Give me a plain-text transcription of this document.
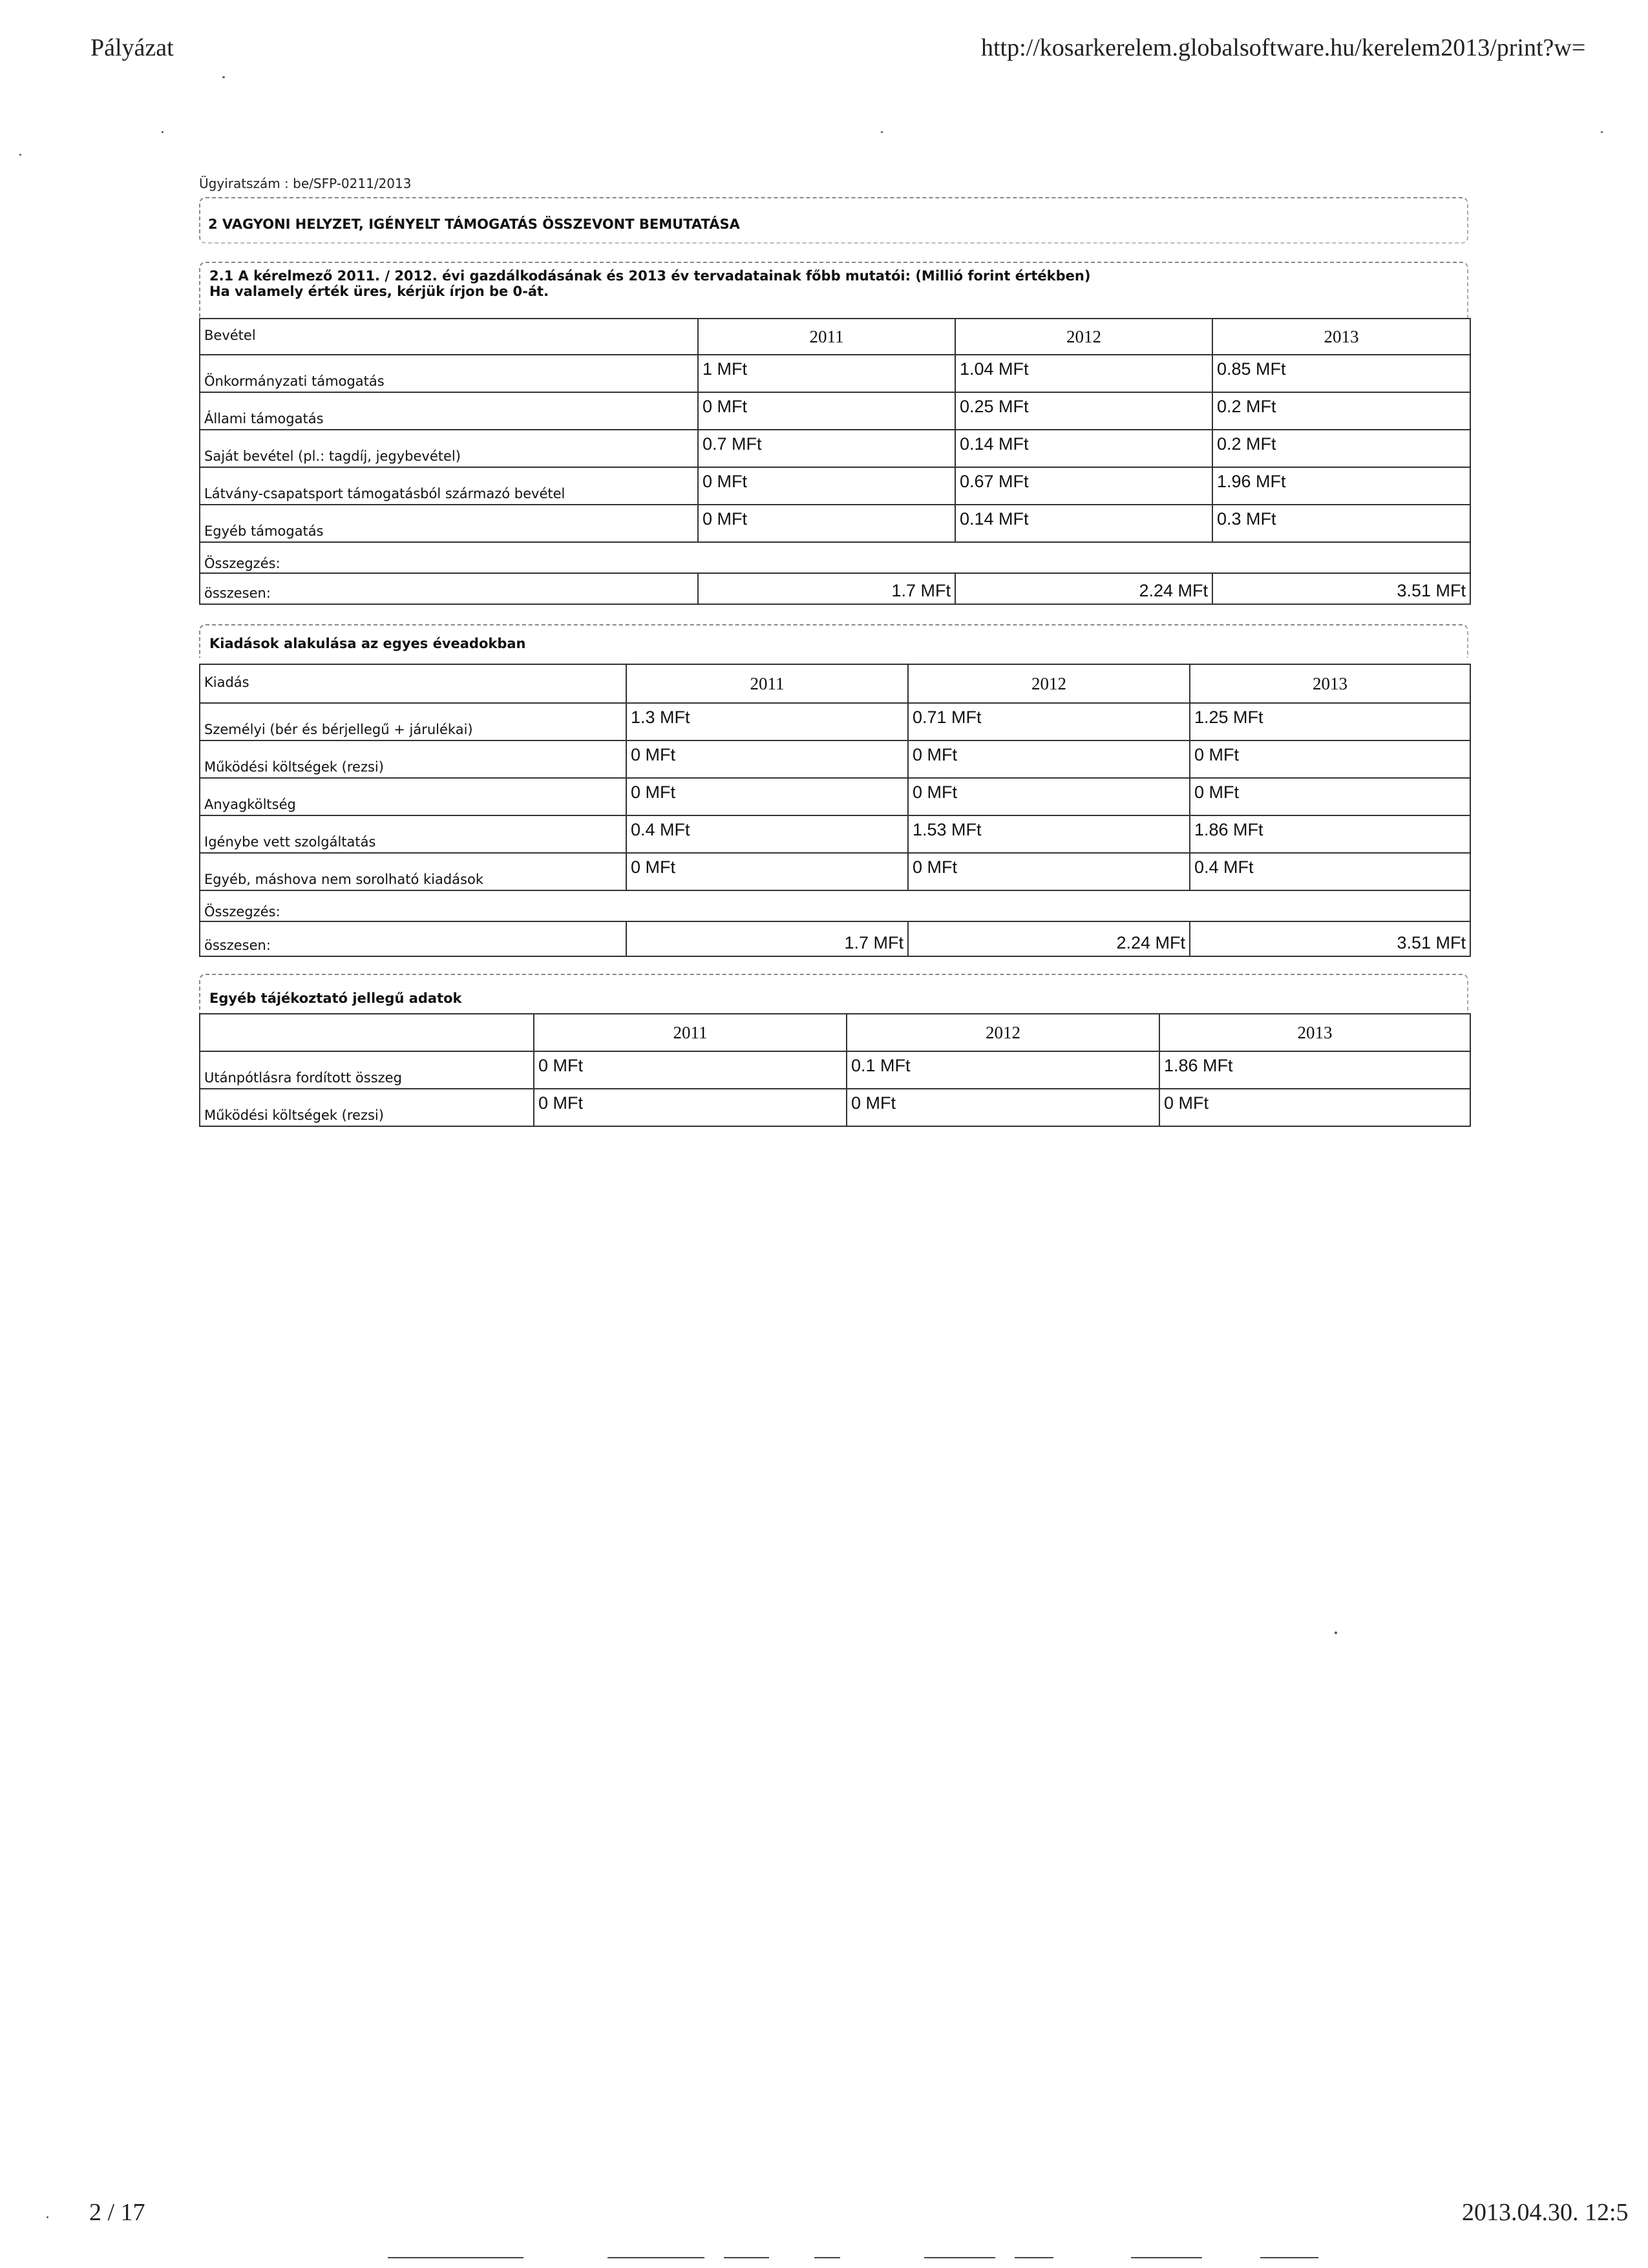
Pályázat	http://kosarkerelem.globalsoftware.hu/kerelem2013/print?w=
Ügyiratszám : be/SFP-0211/2013
2 VAGYONI HELYZET, IGÉNYELT TÁMOGATÁS ÖSSZEVONT BEMUTATÁSA
2.1 A kérelmező 2011. / 2012. évi gazdálkodásának és 2013 év tervadatainak főbb mutatói: (Millió forint értékben)
Ha valamely érték üres, kérjük írjon be 0-át.
Bevétel	2011	2012	2013
Önkormányzati támogatás	1 MFt	1.04 MFt	0.85 MFt
Állami támogatás	0 MFt	0.25 MFt	0.2 MFt
Saját bevétel (pl.: tagdíj, jegybevétel)	0.7 MFt	0.14 MFt	0.2 MFt
Látvány-csapatsport támogatásból származó bevétel	0 MFt	0.67 MFt	1.96 MFt
Egyéb támogatás	0 MFt	0.14 MFt	0.3 MFt
Összegzés:			
összesen:	1.7 MFt	2.24 MFt	3.51 MFt
Kiadások alakulása az egyes éveadokban
Kiadás	2011	2012	2013
Személyi (bér és bérjellegű + járulékai)	1.3 MFt	0.71 MFt	1.25 MFt
Működési költségek (rezsi)	0 MFt	0 MFt	0 MFt
Anyagköltség	0 MFt	0 MFt	0 MFt
Igénybe vett szolgáltatás	0.4 MFt	1.53 MFt	1.86 MFt
Egyéb, máshova nem sorolható kiadások	0 MFt	0 MFt	0.4 MFt
Összegzés:			
összesen:	1.7 MFt	2.24 MFt	3.51 MFt
Egyéb tájékoztató jellegű adatok
	2011	2012	2013
Utánpótlásra fordított összeg	0 MFt	0.1 MFt	1.86 MFt
Működési költségek (rezsi)	0 MFt	0 MFt	0 MFt
2 / 17	2013.04.30. 12:5
